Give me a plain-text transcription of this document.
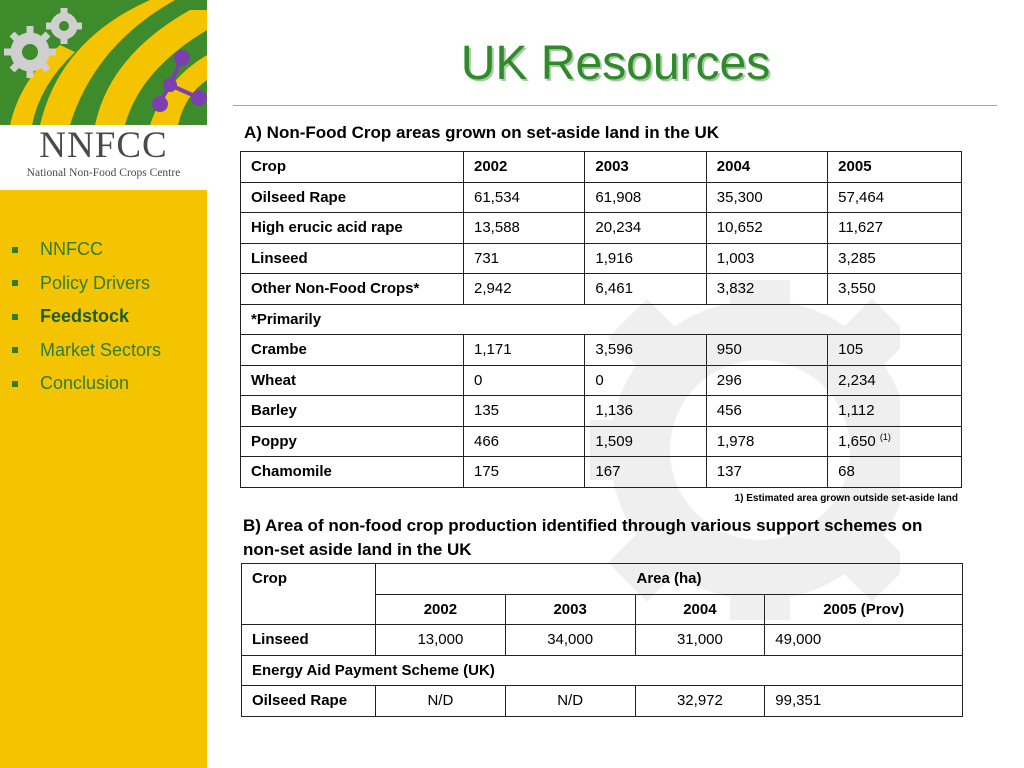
NNFCC
National Non-Food Crops Centre
NNFCC
Policy Drivers
Feedstock
Market Sectors
Conclusion
UK Resources
A) Non-Food Crop areas grown on set-aside land in the UK
Crop	2002	2003	2004	2005
Oilseed Rape	61,534	61,908	35,300	57,464
High erucic acid rape	13,588	20,234	10,652	11,627
Linseed	731	1,916	1,003	3,285
Other Non-Food Crops*	2,942	6,461	3,832	3,550
*Primarily				
Crambe	1,171	3,596	950	105
Wheat	0	0	296	2,234
Barley	135	1,136	456	1,112
Poppy	466	1,509	1,978	1,650 $^{(1)}$
Chamomile	175	167	137	68
1) Estimated area grown outside set-aside land
B) Area of non-food crop production identified through various support schemes on non-set aside land in the UK
Crop	Area (ha)			
	2002	2003	2004	2005 (Prov)
Linseed	13,000	34,000	31,000	49,000
Energy Aid Payment Scheme (UK)				
Oilseed Rape	N/D	N/D	32,972	99,351
